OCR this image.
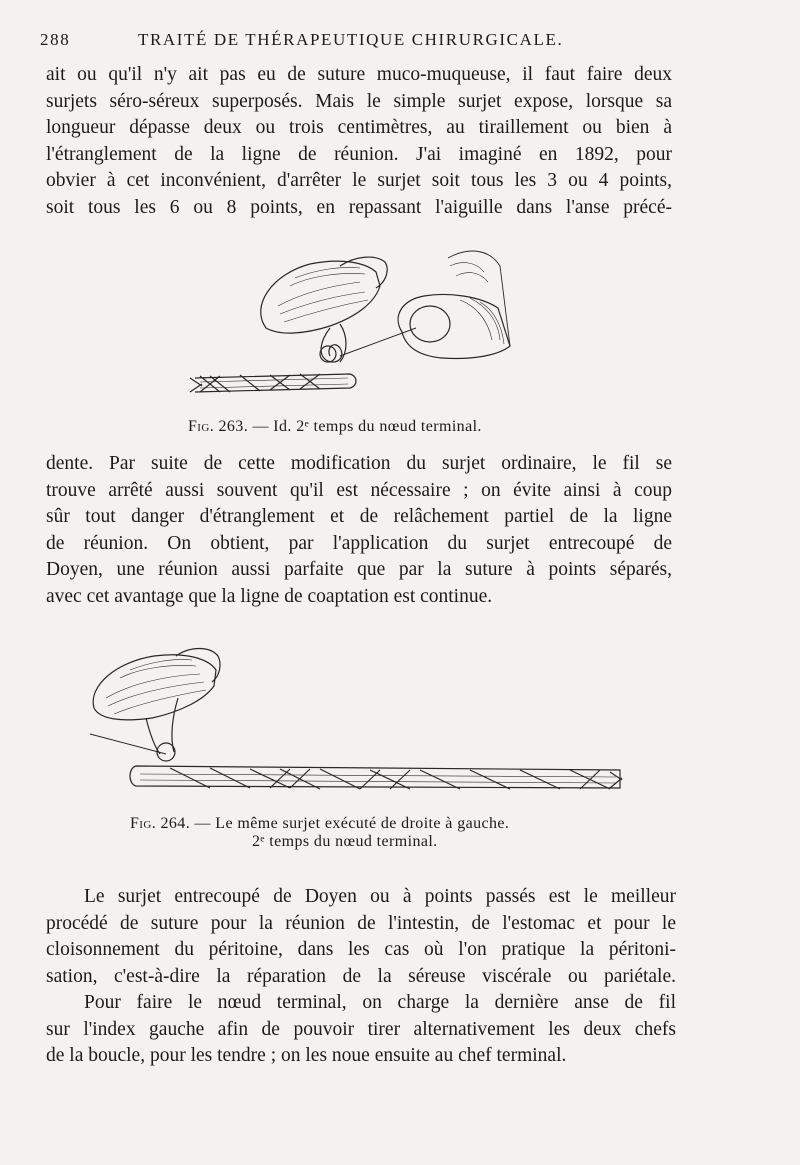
288	TRAITÉ DE THÉRAPEUTIQUE CHIRURGICALE.

ait ou qu'il n'y ait pas eu de suture muco-muqueuse, il faut faire deux
surjets séro-séreux superposés. Mais le simple surjet expose, lorsque sa
longueur dépasse deux ou trois centimètres, au tiraillement ou bien à
l'étranglement de la ligne de réunion. J'ai imaginé en 1892, pour
obvier à cet inconvénient, d'arrêter le surjet soit tous les 3 ou 4 points,
soit tous les 6 ou 8 points, en repassant l'aiguille dans l'anse précé-

Fig. 263. — Id. 2ᵉ temps du nœud terminal.

dente. Par suite de cette modification du surjet ordinaire, le fil se
trouve arrêté aussi souvent qu'il est nécessaire ; on évite ainsi à coup
sûr tout danger d'étranglement et de relâchement partiel de la ligne
de réunion. On obtient, par l'application du surjet entrecoupé de
Doyen, une réunion aussi parfaite que par la suture à points séparés,
avec cet avantage que la ligne de coaptation est continue.

Fig. 264. — Le même surjet exécuté de droite à gauche.

2ᵉ temps du nœud terminal.

Le surjet entrecoupé de Doyen ou à points passés est le meilleur
procédé de suture pour la réunion de l'intestin, de l'estomac et pour le
cloisonnement du péritoine, dans les cas où l'on pratique la péritoni-
sation, c'est-à-dire la réparation de la séreuse viscérale ou pariétale.
Pour faire le nœud terminal, on charge la dernière anse de fil
sur l'index gauche afin de pouvoir tirer alternativement les deux chefs
de la boucle, pour les tendre ; on les noue ensuite au chef terminal.
